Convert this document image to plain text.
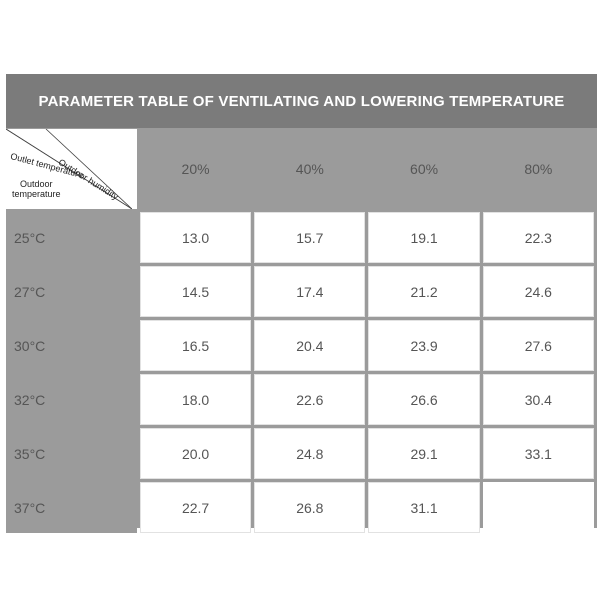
PARAMETER TABLE OF VENTILATING AND LOWERING TEMPERATURE
Outdoor humidity
Outlet temperature
Outdoor
temperature	20%	40%	60%	80%
25°C	13.0	15.7	19.1	22.3
27°C	14.5	17.4	21.2	24.6
30°C	16.5	20.4	23.9	27.6
32°C	18.0	22.6	26.6	30.4
35°C	20.0	24.8	29.1	33.1
37°C	22.7	26.8	31.1	
